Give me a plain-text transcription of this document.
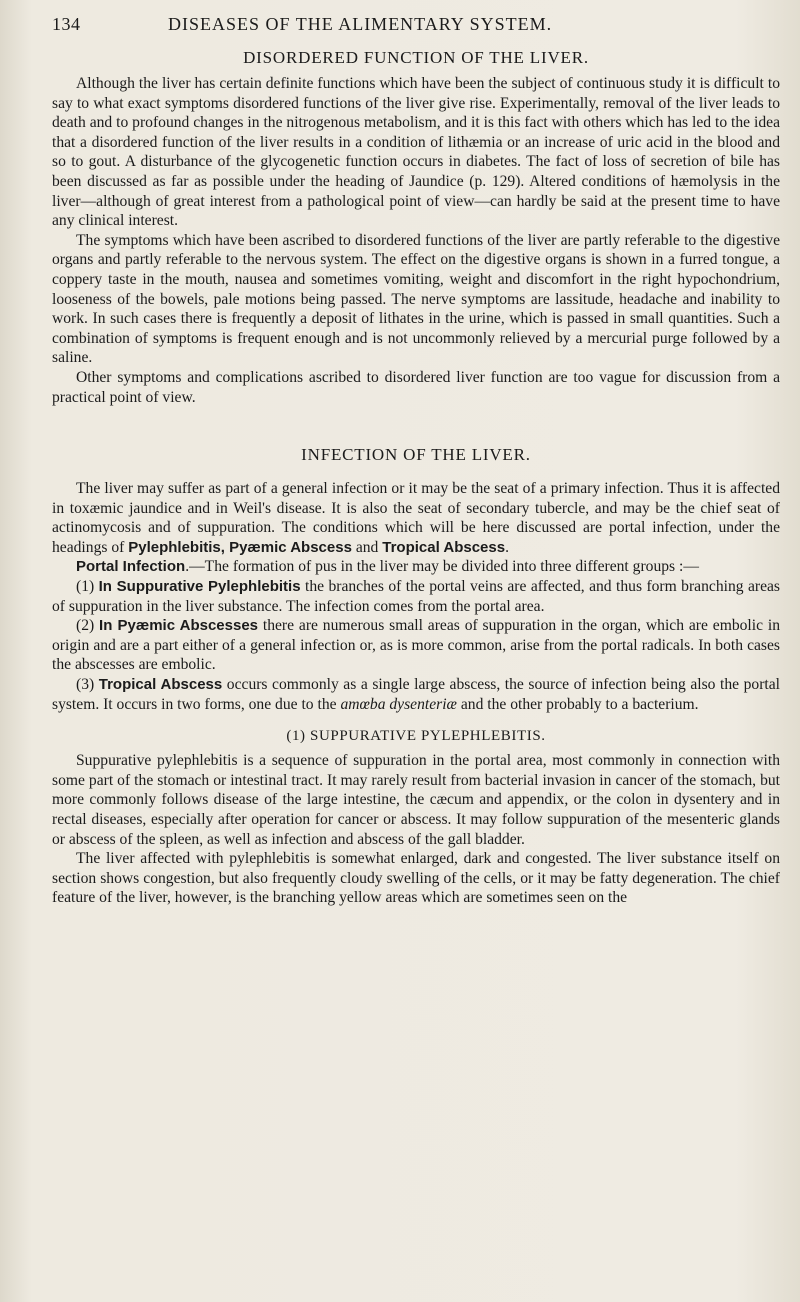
134	DISEASES OF THE ALIMENTARY SYSTEM.
DISORDERED FUNCTION OF THE LIVER.

Although the liver has certain definite functions which have been the subject of continuous study it is difficult to say to what exact symptoms disordered functions of the liver give rise. Experimentally, removal of the liver leads to death and to profound changes in the nitrogenous metabolism, and it is this fact with others which has led to the idea that a disordered function of the liver results in a condition of lithæmia or an increase of uric acid in the blood and so to gout. A disturbance of the glycogenetic function occurs in diabetes. The fact of loss of secretion of bile has been discussed as far as possible under the heading of Jaundice (p. 129). Altered conditions of hæmolysis in the liver—although of great interest from a pathological point of view—can hardly be said at the present time to have any clinical interest.

The symptoms which have been ascribed to disordered functions of the liver are partly referable to the digestive organs and partly referable to the nervous system. The effect on the digestive organs is shown in a furred tongue, a coppery taste in the mouth, nausea and sometimes vomiting, weight and discomfort in the right hypochondrium, looseness of the bowels, pale motions being passed. The nerve symptoms are lassitude, headache and inability to work. In such cases there is frequently a deposit of lithates in the urine, which is passed in small quantities. Such a combination of symptoms is frequent enough and is not uncommonly relieved by a mercurial purge followed by a saline.

Other symptoms and complications ascribed to disordered liver function are too vague for discussion from a practical point of view.

INFECTION OF THE LIVER.

The liver may suffer as part of a general infection or it may be the seat of a primary infection. Thus it is affected in toxæmic jaundice and in Weil's disease. It is also the seat of secondary tubercle, and may be the chief seat of actinomycosis and of suppuration. The conditions which will be here discussed are portal infection, under the headings of Pylephlebitis, Pyæmic Abscess and Tropical Abscess.

Portal Infection.—The formation of pus in the liver may be divided into three different groups :—

(1) In Suppurative Pylephlebitis the branches of the portal veins are affected, and thus form branching areas of suppuration in the liver substance. The infection comes from the portal area.

(2) In Pyæmic Abscesses there are numerous small areas of suppuration in the organ, which are embolic in origin and are a part either of a general infection or, as is more common, arise from the portal radicals. In both cases the abscesses are embolic.

(3) Tropical Abscess occurs commonly as a single large abscess, the source of infection being also the portal system. It occurs in two forms, one due to the amœba dysenteriæ and the other probably to a bacterium.

(1) SUPPURATIVE PYLEPHLEBITIS.

Suppurative pylephlebitis is a sequence of suppuration in the portal area, most commonly in connection with some part of the stomach or intestinal tract. It may rarely result from bacterial invasion in cancer of the stomach, but more commonly follows disease of the large intestine, the cæcum and appendix, or the colon in dysentery and in rectal diseases, especially after operation for cancer or abscess. It may follow suppuration of the mesenteric glands or abscess of the spleen, as well as infection and abscess of the gall bladder.

The liver affected with pylephlebitis is somewhat enlarged, dark and congested. The liver substance itself on section shows congestion, but also frequently cloudy swelling of the cells, or it may be fatty degeneration. The chief feature of the liver, however, is the branching yellow areas which are sometimes seen on the
